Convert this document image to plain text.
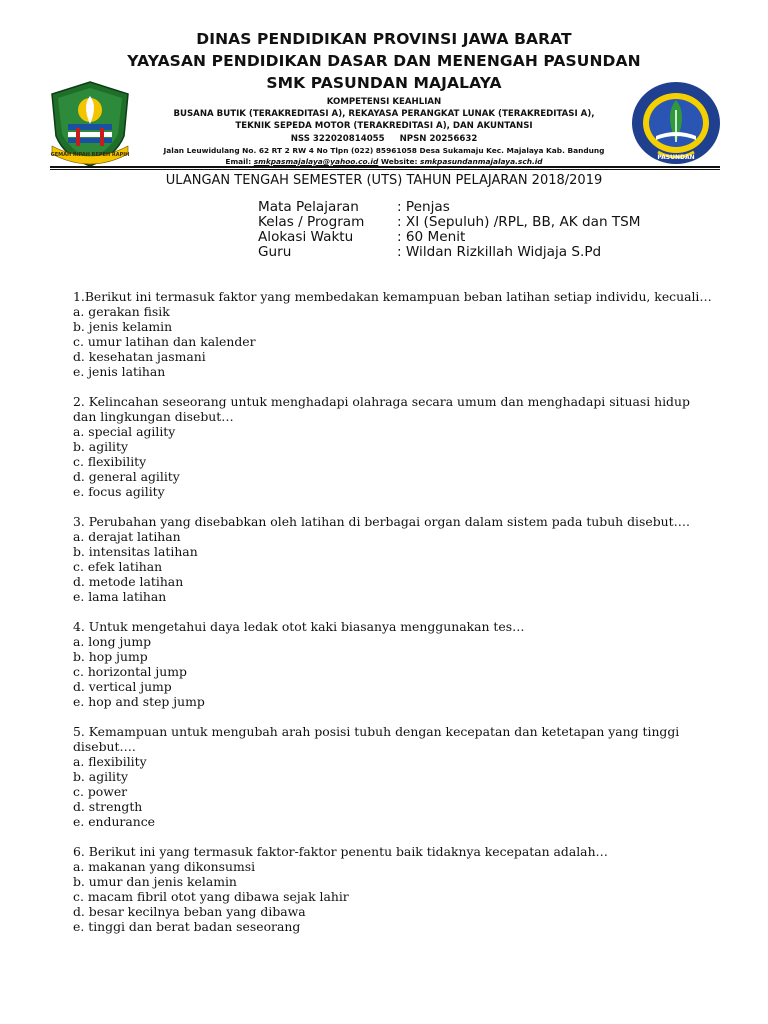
GEMAH RIPAH REPEH RAPIH	PASUNDAN
DINAS PENDIDIKAN PROVINSI JAWA BARAT
YAYASAN PENDIDIKAN DASAR DAN MENENGAH PASUNDAN
SMK PASUNDAN MAJALAYA
KOMPETENSI KEAHLIAN
BUSANA BUTIK (TERAKREDITASI A), REKAYASA PERANGKAT LUNAK (TERAKREDITASI A),
TEKNIK SEPEDA MOTOR (TERAKREDITASI A), DAN AKUNTANSI
NSS 322020814055     NPSN 20256632
Jalan Leuwidulang No. 62 RT 2 RW 4 No Tlpn (022) 85961058 Desa Sukamaju Kec. Majalaya Kab. Bandung
Email: smkpasmajalaya@yahoo.co.id Website: smkpasundanmajalaya.sch.id
ULANGAN TENGAH SEMESTER (UTS) TAHUN PELAJARAN 2018/2019
Mata Pelajaran	: Penjas
Kelas / Program	: XI (Sepuluh) /RPL, BB, AK dan TSM
Alokasi Waktu	: 60 Menit
Guru	: Wildan Rizkillah Widjaja S.Pd
1.Berikut ini termasuk faktor yang membedakan kemampuan beban latihan setiap individu, kecuali…
a. gerakan fisik
b. jenis kelamin
c. umur latihan dan kalender
d. kesehatan jasmani
e. jenis latihan
2. Kelincahan seseorang untuk menghadapi olahraga secara umum dan menghadapi situasi hidup dan lingkungan disebut…
a. special agility
b. agility
c. flexibility
d. general agility
e. focus agility
3. Perubahan yang disebabkan oleh latihan di berbagai organ dalam sistem pada tubuh disebut….
a. derajat latihan
b. intensitas latihan
c. efek latihan
d. metode latihan
e. lama latihan
4. Untuk mengetahui daya ledak otot kaki biasanya menggunakan tes…
a. long jump
b. hop jump
c. horizontal jump
d. vertical jump
e. hop and step jump
5. Kemampuan untuk mengubah arah posisi tubuh dengan kecepatan dan ketetapan yang tinggi disebut….
a. flexibility
b. agility
c. power
d. strength
e. endurance
6. Berikut ini yang termasuk faktor-faktor penentu baik tidaknya kecepatan adalah…
a. makanan yang dikonsumsi
b. umur dan jenis kelamin
c. macam fibril otot yang dibawa sejak lahir
d. besar kecilnya beban yang dibawa
e. tinggi dan berat badan seseorang
